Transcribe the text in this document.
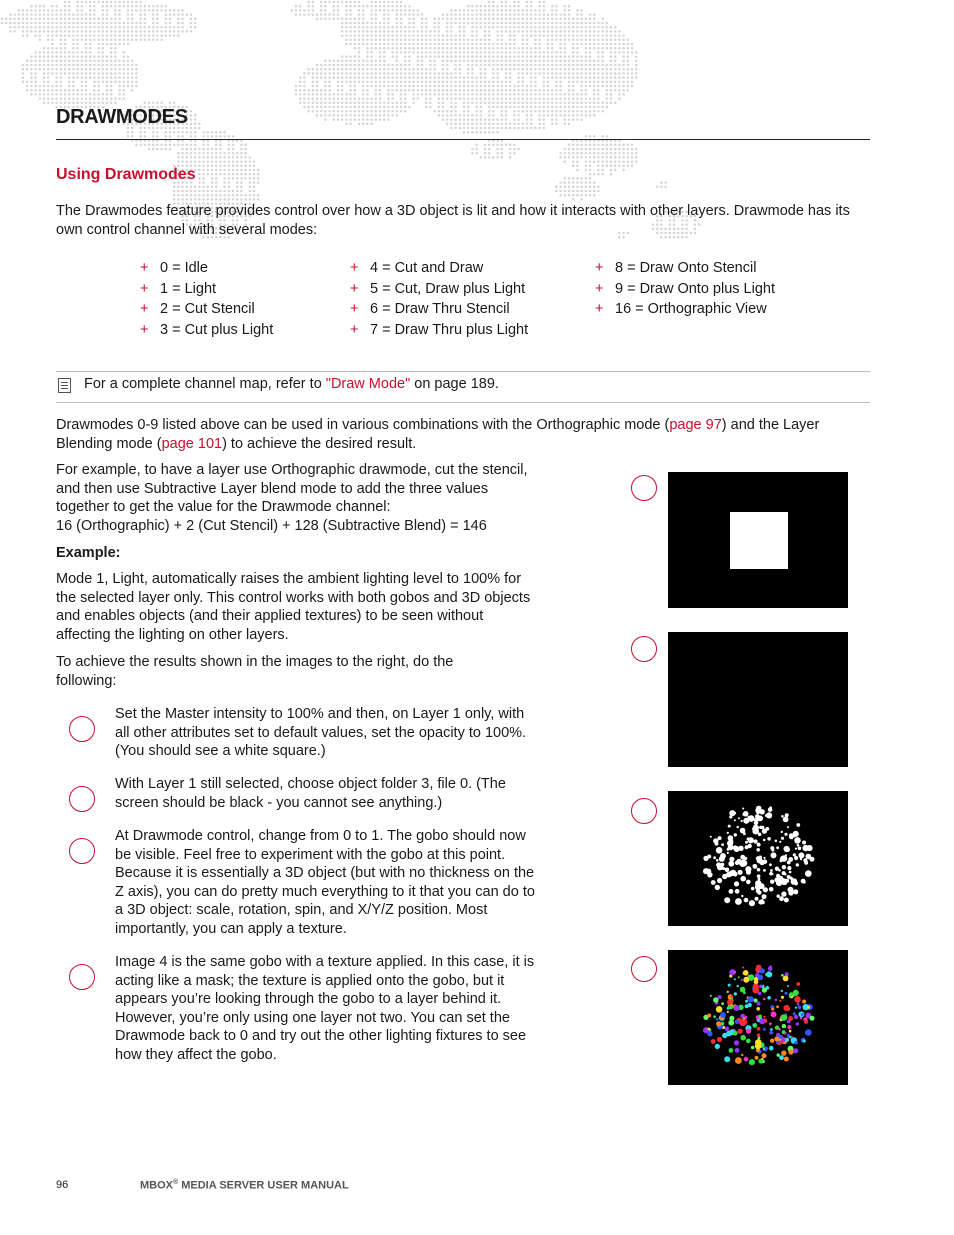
DRAWMODES
Using Drawmodes
The Drawmodes feature provides control over how a 3D object is lit and how it interacts with other layers. Drawmode has its own control channel with several modes:
+ 0 = Idle
+ 1 = Light
+ 2 = Cut Stencil
+ 3 = Cut plus Light
+ 4 = Cut and Draw
+ 5 = Cut, Draw plus Light
+ 6 = Draw Thru Stencil
+ 7 = Draw Thru plus Light
+ 8 = Draw Onto Stencil
+ 9 = Draw Onto plus Light
+ 16 = Orthographic View
For a complete channel map, refer to "Draw Mode" on page 189.
Drawmodes 0-9 listed above can be used in various combinations with the Orthographic mode (page 97) and the Layer Blending mode (page 101) to achieve the desired result.
For example, to have a layer use Orthographic drawmode, cut the stencil, and then use Subtractive Layer blend mode to add the three values together to get the value for the Drawmode channel:
16 (Orthographic) + 2 (Cut Stencil) + 128 (Subtractive Blend) = 146
Example:
Mode 1, Light, automatically raises the ambient lighting level to 100% for the selected layer only. This control works with both gobos and 3D objects and enables objects (and their applied textures) to be seen without affecting the lighting on other layers.
To achieve the results shown in the images to the right, do the following:
Set the Master intensity to 100% and then, on Layer 1 only, with all other attributes set to default values, set the opacity to 100%. (You should see a white square.)
With Layer 1 still selected, choose object folder 3, file 0. (The screen should be black - you cannot see anything.)
At Drawmode control, change from 0 to 1. The gobo should now be visible. Feel free to experiment with the gobo at this point. Because it is essentially a 3D object (but with no thickness on the Z axis), you can do pretty much everything to it that you can do to a 3D object: scale, rotation, spin, and X/Y/Z position. Most importantly, you can apply a texture.
Image 4 is the same gobo with a texture applied. In this case, it is acting like a mask; the texture is applied onto the gobo, but it appears you’re looking through the gobo to a layer behind it. However, you’re only using one layer not two. You can set the Drawmode back to 0 and try out the other lighting fixtures to see how they affect the gobo.
96	MBOX® MEDIA SERVER USER MANUAL
